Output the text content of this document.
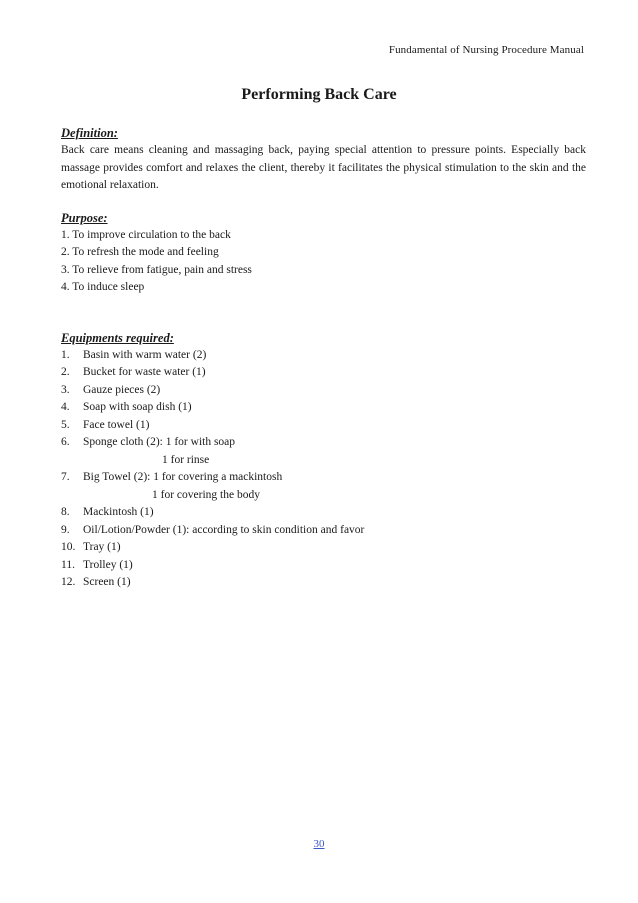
Fundamental of Nursing Procedure Manual
Performing Back Care
Definition:

Back care means cleaning and massaging back, paying special attention to pressure points. Especially back massage provides comfort and relaxes the client, thereby it facilitates the physical stimulation to the skin and the emotional relaxation.

Purpose:
1. To improve circulation to the back
2. To refresh the mode and feeling
3. To relieve from fatigue, pain and stress
4. To induce sleep
Equipments required:
1. Basin with warm water (2)
2. Bucket for waste water (1)
3. Gauze pieces (2)
4. Soap with soap dish (1)
5. Face towel (1)
6. Sponge cloth (2): 1 for with soap
1 for rinse
7. Big Towel (2): 1 for covering a mackintosh
1 for covering the body
8. Mackintosh (1)
9. Oil/Lotion/Powder (1): according to skin condition and favor
10. Tray (1)
11. Trolley (1)
12. Screen (1)
30
